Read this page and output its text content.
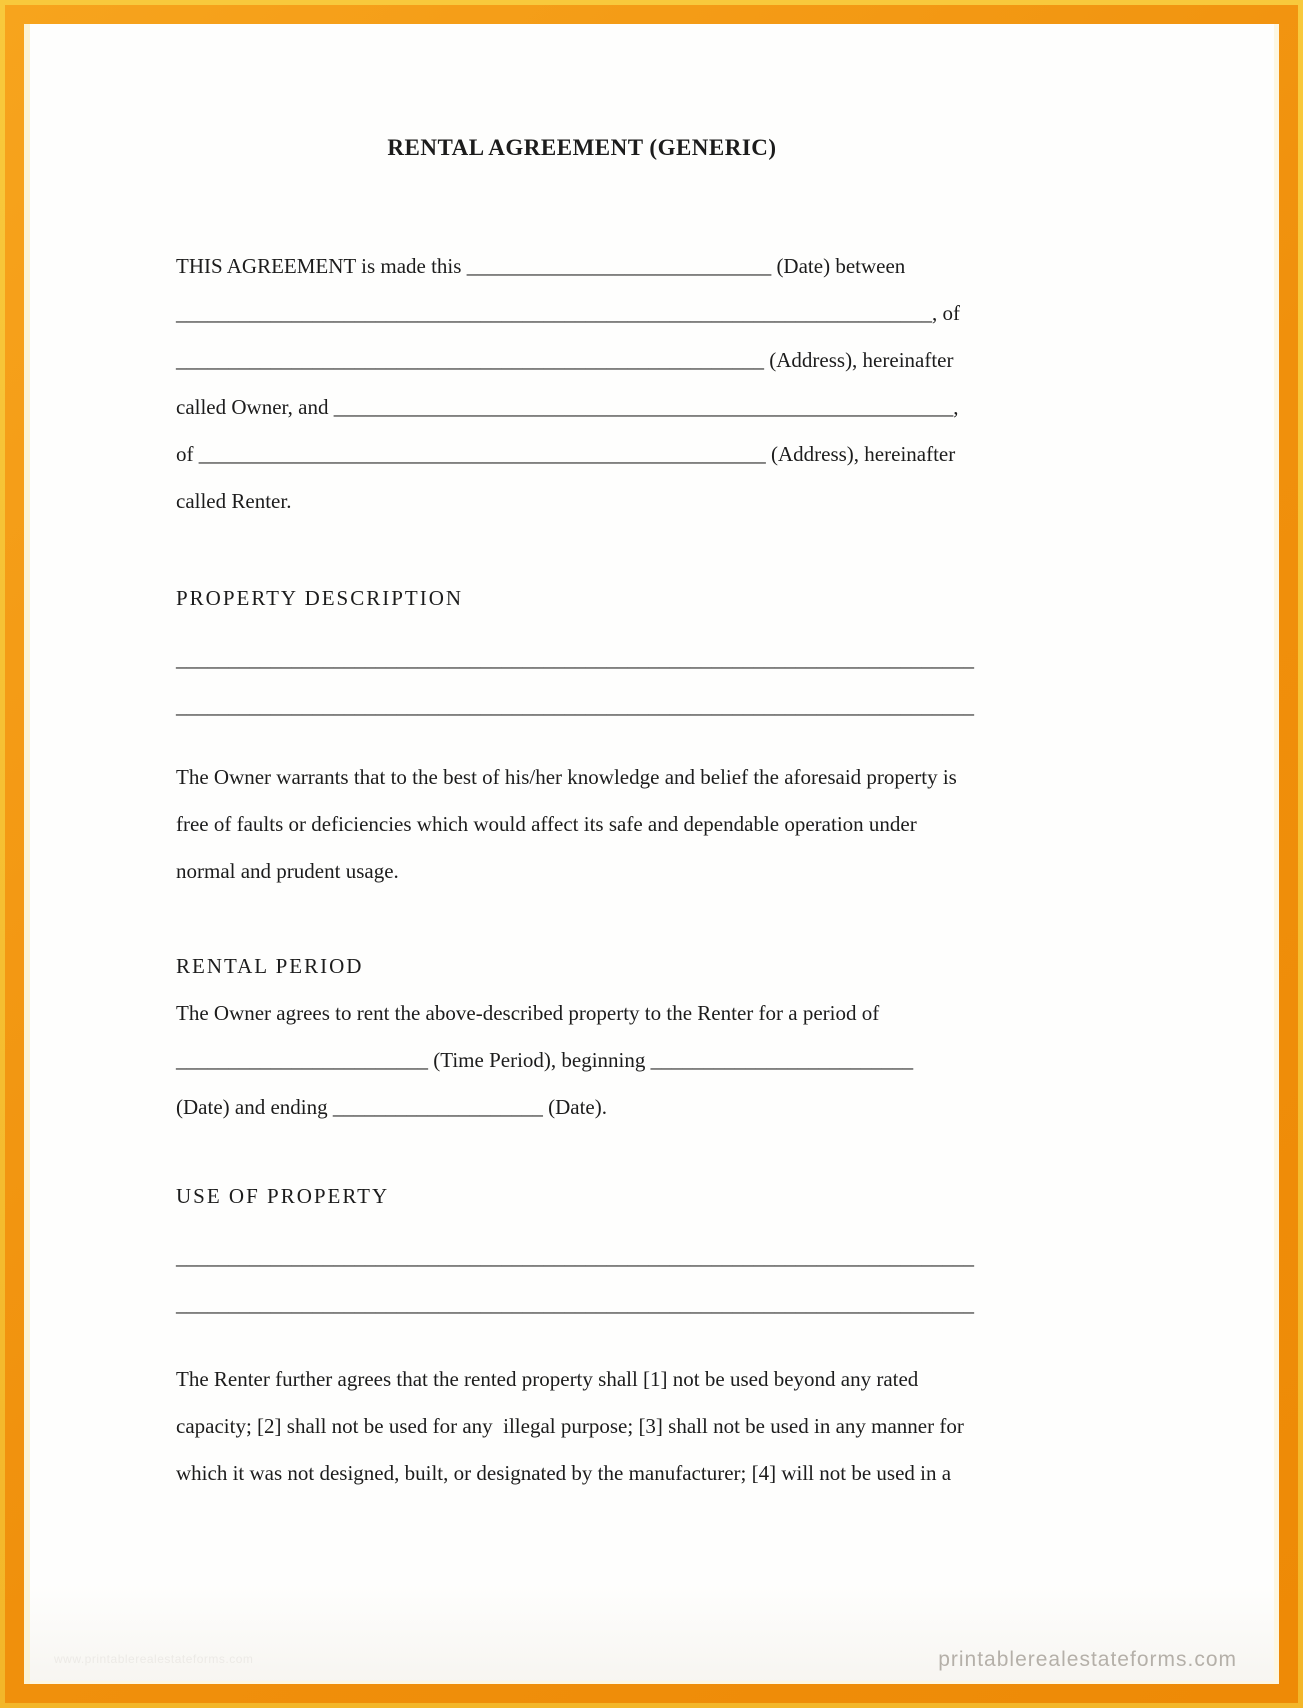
RENTAL AGREEMENT (GENERIC)
THIS AGREEMENT is made this _____________________________ (Date) between
________________________________________________________________________, of
________________________________________________________ (Address), hereinafter
called Owner, and ___________________________________________________________,
of ______________________________________________________ (Address), hereinafter
called Renter.
PROPERTY DESCRIPTION
____________________________________________________________________________
____________________________________________________________________________
The Owner warrants that to the best of his/her knowledge and belief the aforesaid property is
free of faults or deficiencies which would affect its safe and dependable operation under
normal and prudent usage.
RENTAL PERIOD
The Owner agrees to rent the above-described property to the Renter for a period of
________________________ (Time Period), beginning _________________________
(Date) and ending ____________________ (Date).
USE OF PROPERTY
____________________________________________________________________________
____________________________________________________________________________
The Renter further agrees that the rented property shall [1] not be used beyond any rated
capacity; [2] shall not be used for any  illegal purpose; [3] shall not be used in any manner for
which it was not designed, built, or designated by the manufacturer; [4] will not be used in a
www.printablerealestateforms.com	printablerealestateforms.com
